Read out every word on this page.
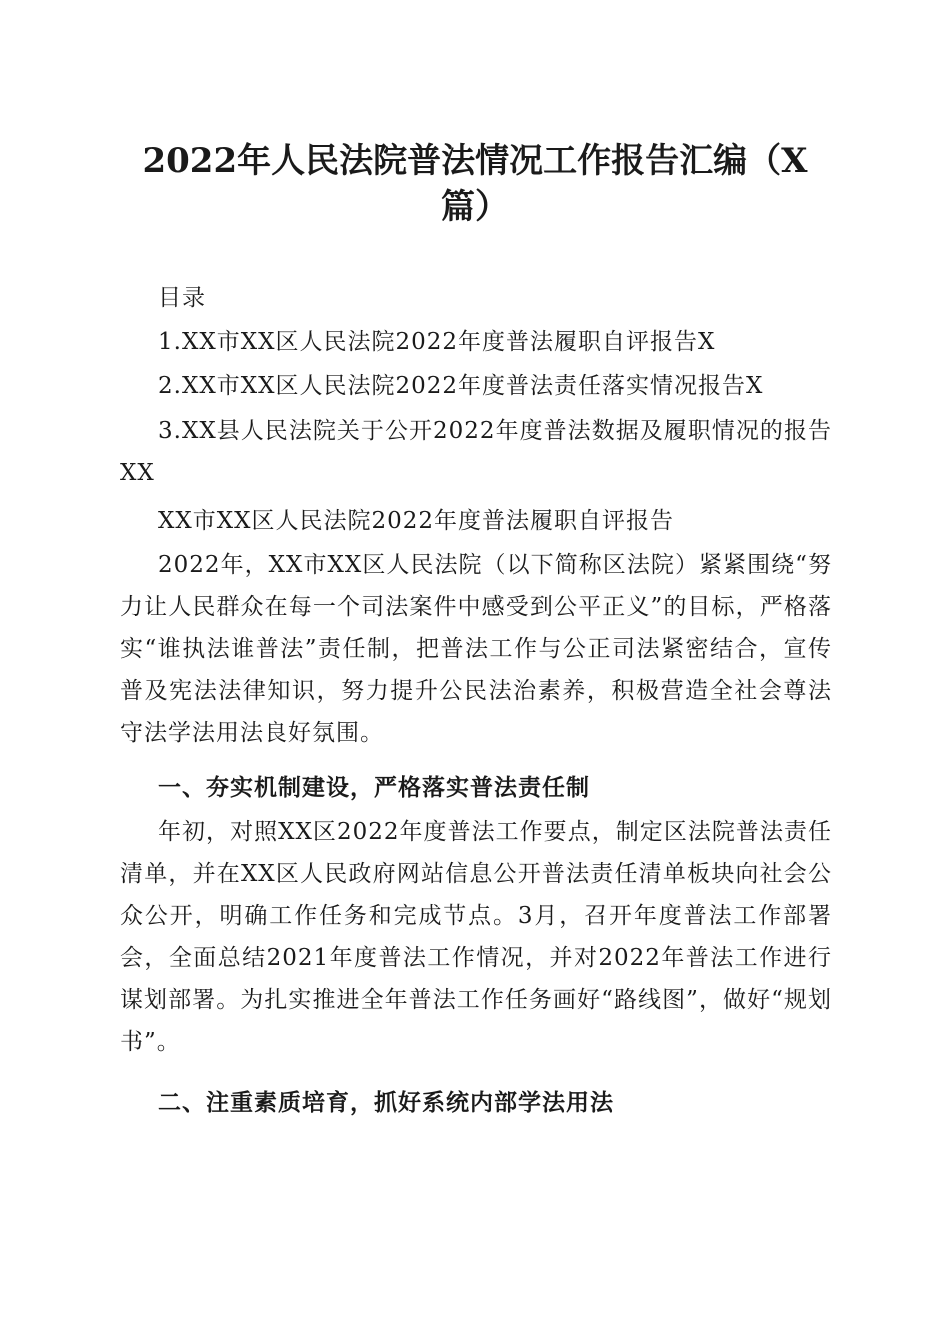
2022年人民法院普法情况工作报告汇编（X
篇）

目录

1.XX市XX区人民法院2022年度普法履职自评报告X

2.XX市XX区人民法院2022年度普法责任落实情况报告X

3.XX县人民法院关于公开2022年度普法数据及履职情况的报告XX

XX市XX区人民法院2022年度普法履职自评报告

2022年，XX市XX区人民法院（以下简称区法院）紧紧围绕“努力让人民群众在每一个司法案件中感受到公平正义”的目标，严格落实“谁执法谁普法”责任制，把普法工作与公正司法紧密结合，宣传普及宪法法律知识，努力提升公民法治素养，积极营造全社会尊法守法学法用法良好氛围。

一、夯实机制建设，严格落实普法责任制

年初，对照XX区2022年度普法工作要点，制定区法院普法责任清单，并在XX区人民政府网站信息公开普法责任清单板块向社会公众公开，明确工作任务和完成节点。3月，召开年度普法工作部署会，全面总结2021年度普法工作情况，并对2022年普法工作进行谋划部署。为扎实推进全年普法工作任务画好“路线图”，做好“规划书”。

二、注重素质培育，抓好系统内部学法用法
